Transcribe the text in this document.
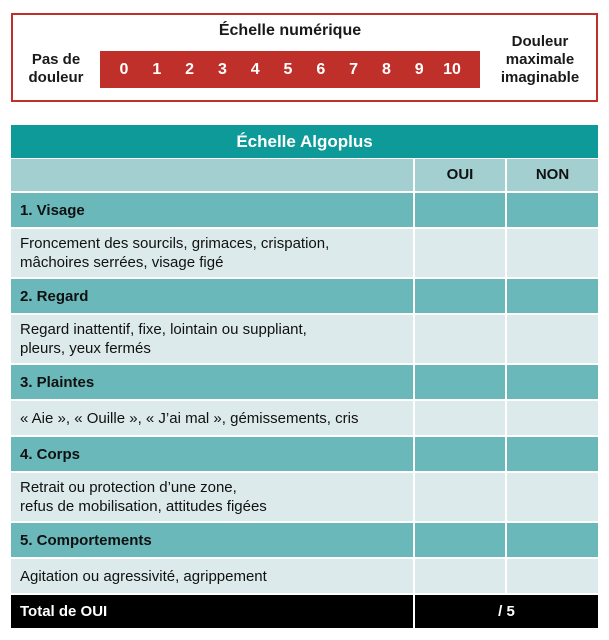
Échelle numérique
Pas de
douleur	0	1	2	3	4	5	6	7	8	9	10
Douleur
maximale
imaginable
Échelle Algoplus
OUI	NON
1. Visage
Froncement des sourcils, grimaces, crispation,
mâchoires serrées, visage figé
2. Regard
Regard inattentif, fixe, lointain ou suppliant,
pleurs, yeux fermés
3. Plaintes
« Aie », « Ouille », « J’ai mal », gémissements, cris
4. Corps
Retrait ou protection d’une zone,
refus de mobilisation, attitudes figées
5. Comportements
Agitation ou agressivité, agrippement
Total de OUI	/ 5
